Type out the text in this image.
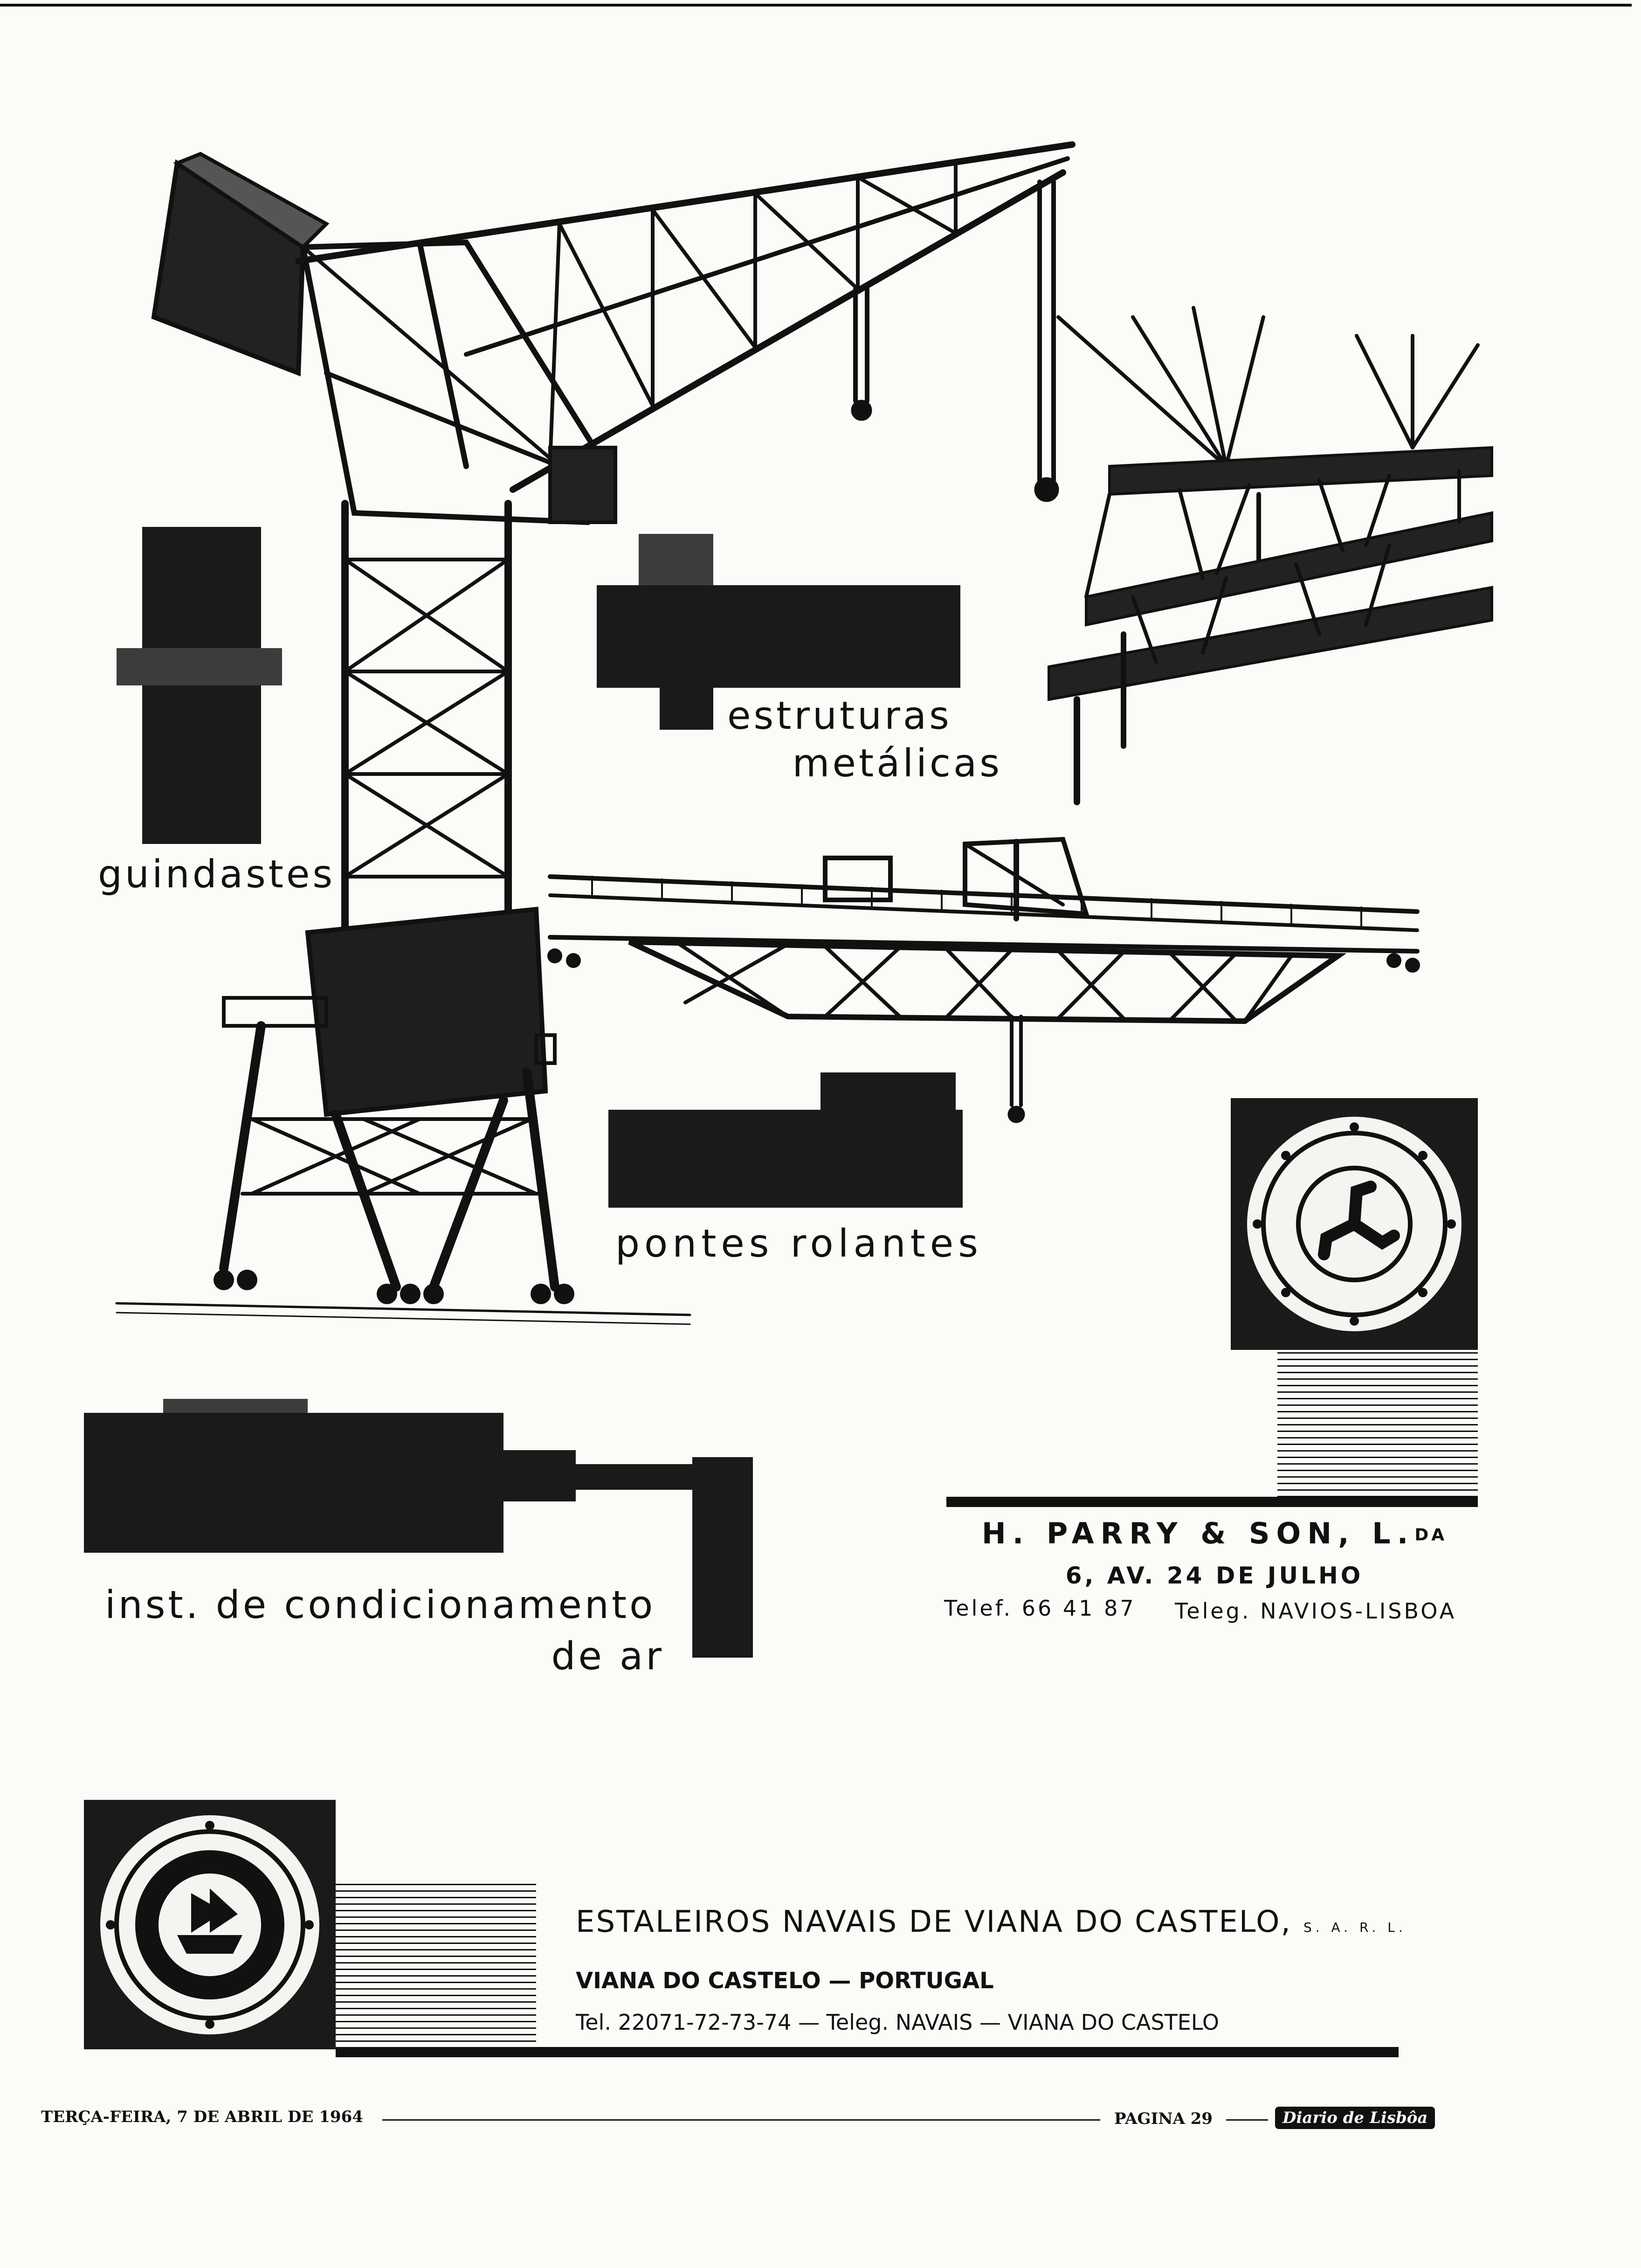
guindastes
estruturas
metálicas
pontes rolantes
inst. de condicionamento
de ar
H. PARRY & SON, L.DA
6, AV. 24 DE JULHO
Telef. 66 41 87 Teleg. NAVIOS-LISBOA
ESTALEIROS NAVAIS DE VIANA DO CASTELO, S. A. R. L.
VIANA DO CASTELO — PORTUGAL
Tel. 22071-72-73-74 — Teleg. NAVAIS — VIANA DO CASTELO
TERÇA-FEIRA, 7 DE ABRIL DE 1964	PAGINA 29	Diario de Lisbôa
